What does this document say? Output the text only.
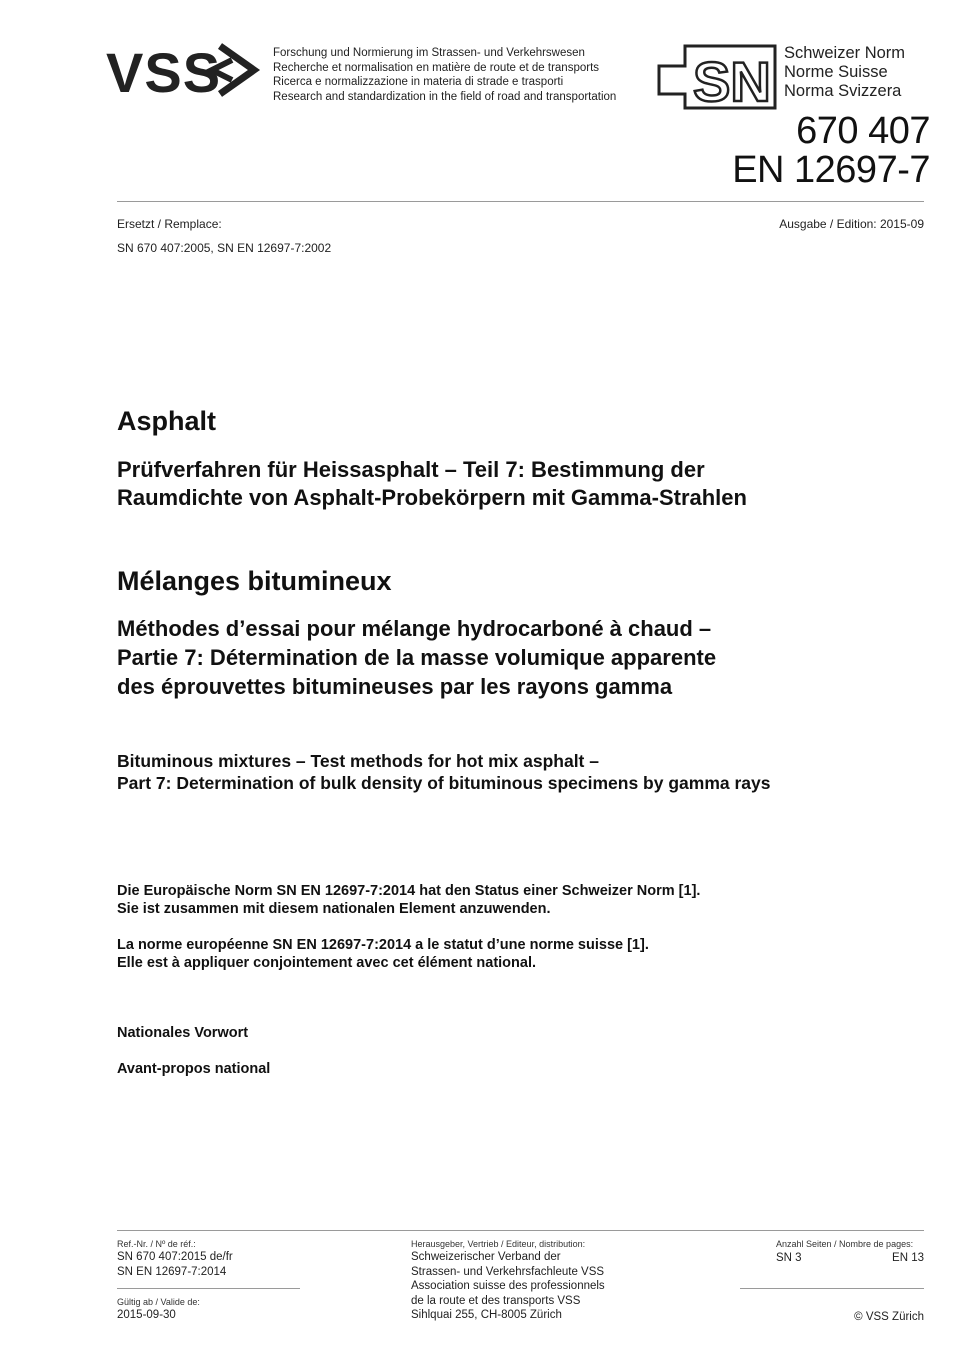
VSS	Forschung und Normierung im Strassen- und Verkehrswesen
Recherche et normalisation en matière de route et de transports
Ricerca e normalizzazione in materia di strade e trasporti
Research and standardization in the field of road and transportation SN Schweizer Norm
Norme Suisse
Norma Svizzera
670 407
EN 12697-7
Ersetzt / Remplace:
SN 670 407:2005, SN EN 12697-7:2002
Ausgabe / Edition: 2015-09
Asphalt
Prüfverfahren für Heissasphalt – Teil 7: Bestimmung der
Raumdichte von Asphalt-Probekörpern mit Gamma-Strahlen
Mélanges bitumineux
Méthodes d’essai pour mélange hydrocarboné à chaud –
Partie 7: Détermination de la masse volumique apparente
des éprouvettes bitumineuses par les rayons gamma
Bituminous mixtures – Test methods for hot mix asphalt –
Part 7: Determination of bulk density of bituminous specimens by gamma rays
Die Europäische Norm SN EN 12697-7:2014 hat den Status einer Schweizer Norm [1].
Sie ist zusammen mit diesem nationalen Element anzuwenden.
La norme européenne SN EN 12697-7:2014 a le statut d’une norme suisse [1].
Elle est à appliquer conjointement avec cet élément national.
Nationales Vorwort
Avant-propos national
Ref.-Nr. / Nº de réf.:
SN 670 407:2015 de/fr
SN EN 12697-7:2014
Gültig ab / Valide de:
2015-09-30
Herausgeber, Vertrieb / Editeur, distribution:
Schweizerischer Verband der
Strassen- und Verkehrsfachleute VSS
Association suisse des professionnels
de la route et des transports VSS
Sihlquai 255, CH-8005 Zürich
Anzahl Seiten / Nombre de pages:
SN 3	EN 13
© VSS Zürich
